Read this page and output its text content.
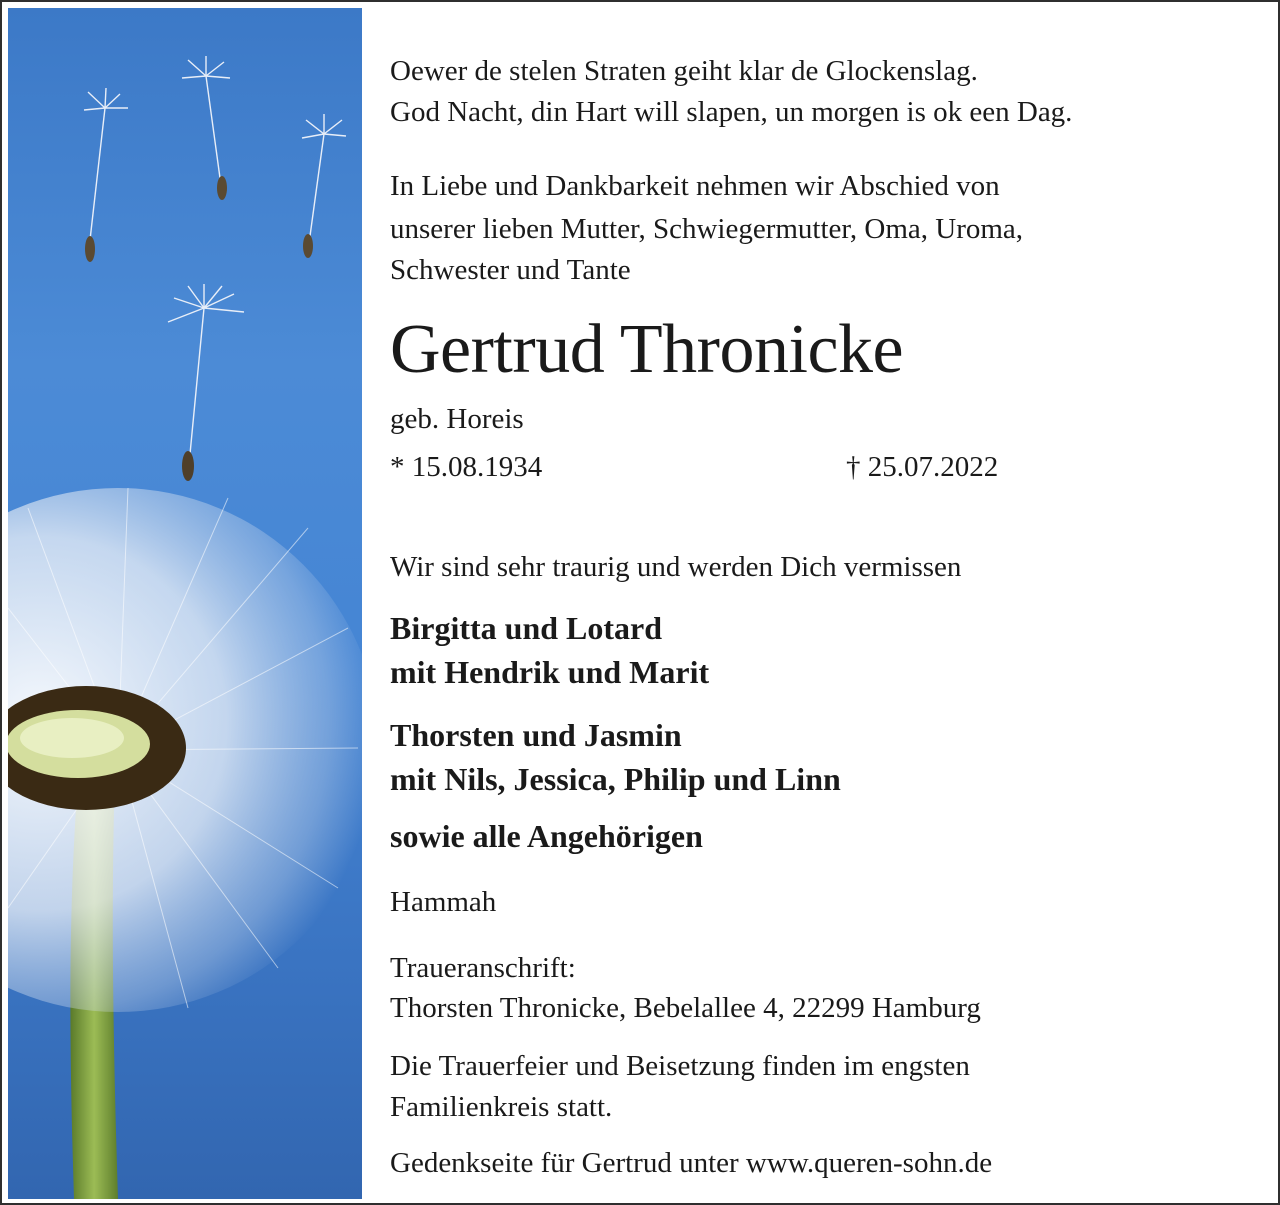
Oewer de stelen Straten geiht klar de Glockenslag.
God Nacht, din Hart will slapen, un morgen is ok een Dag.
In Liebe und Dankbarkeit nehmen wir Abschied von
unserer lieben Mutter, Schwiegermutter, Oma, Uroma,
Schwester und Tante
Gertrud Thronicke
geb. Horeis
* 15.08.1934	† 25.07.2022
Wir sind sehr traurig und werden Dich vermissen
Birgitta und Lotard
mit Hendrik und Marit
Thorsten und Jasmin
mit Nils, Jessica, Philip und Linn
sowie alle Angehörigen
Hammah
Traueranschrift:
Thorsten Thronicke, Bebelallee 4, 22299 Hamburg
Die Trauerfeier und Beisetzung finden im engsten
Familienkreis statt.
Gedenkseite für Gertrud unter www.queren-sohn.de
